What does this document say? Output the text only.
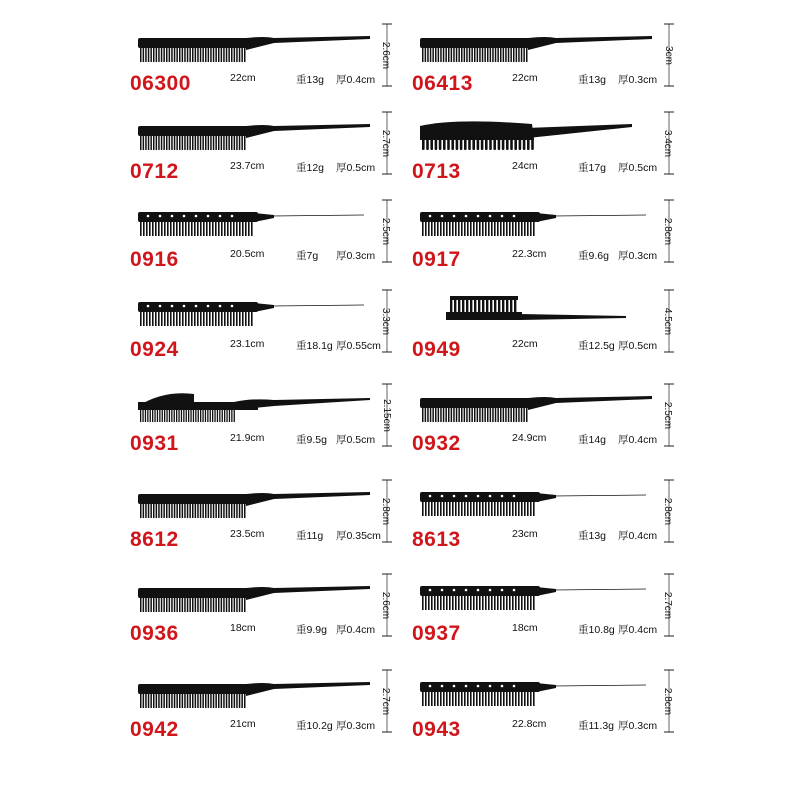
06300	22cm	重13g 厚0.4cm
2.6cm
06413	22cm	重13g 厚0.3cm
3cm
0712	23.7cm	重12g 厚0.5cm
2.7cm
0713	24cm	重17g 厚0.5cm
3.4cm
0916	20.5cm	重7g 厚0.3cm
2.5cm
0917	22.3cm	重9.6g 厚0.3cm
2.8cm
0924	23.1cm	重18.1g 厚0.55cm
3.3cm
0949	22cm	重12.5g 厚0.5cm
4.5cm
0931	21.9cm	重9.5g 厚0.5cm
2.15cm
0932	24.9cm	重14g 厚0.4cm
2.5cm
8612	23.5cm	重11g 厚0.35cm
2.8cm
8613	23cm	重13g 厚0.4cm
2.8cm
0936	18cm	重9.9g 厚0.4cm
2.6cm
0937	18cm	重10.8g 厚0.4cm
2.7cm
0942	21cm	重10.2g 厚0.3cm
2.7cm
0943	22.8cm	重11.3g 厚0.3cm
2.8cm
